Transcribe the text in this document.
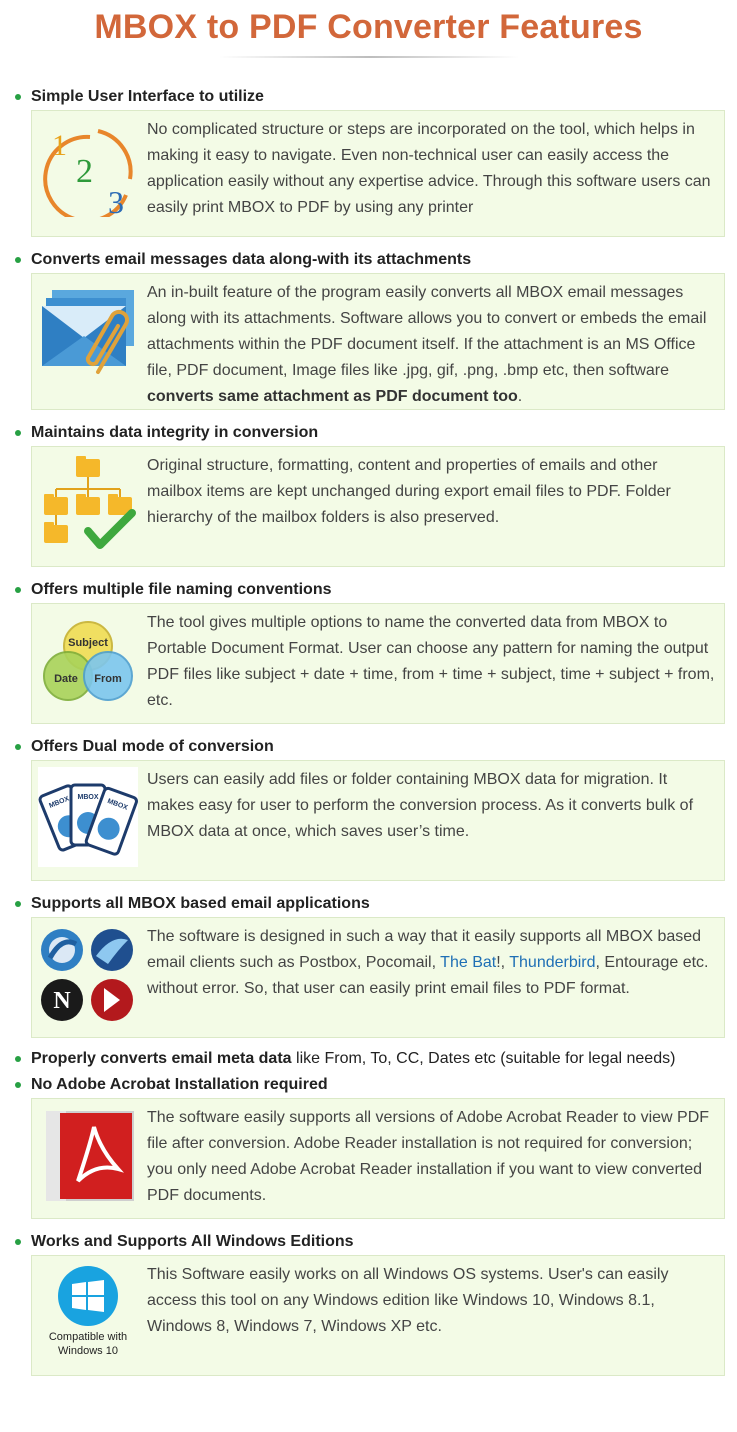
MBOX to PDF Converter Features
Simple User Interface to utilize
1
2
3
No complicated structure or steps are incorporated on the tool, which helps in making it easy to navigate. Even non-technical user can easily access the application easily without any expertise advice. Through this software users can easily print MBOX to PDF by using any printer
Converts email messages data along-with its attachments
An in-built feature of the program easily converts all MBOX email messages along with its attachments. Software allows you to convert or embeds the email attachments within the PDF document itself. If the attachment is an MS Office file, PDF document, Image files like .jpg, gif, .png, .bmp etc, then software converts same attachment as PDF document too.
Maintains data integrity in conversion
Original structure, formatting, content and properties of emails and other mailbox items are kept unchanged during export email files to PDF. Folder hierarchy of the mailbox folders is also preserved.
Offers multiple file naming conventions
Subject
Date From
The tool gives multiple options to name the converted data from MBOX to Portable Document Format. User can choose any pattern for naming the output PDF files like subject + date + time, from + time + subject, time + subject + from, etc.
Offers Dual mode of conversion
MBOX MBOX
MBOX
Users can easily add files or folder containing MBOX data for migration. It makes easy for user to perform the conversion process. As it converts bulk of MBOX data at once, which saves user’s time.
Supports all MBOX based email applications
N
The software is designed in such a way that it easily supports all MBOX based email clients such as Postbox, Pocomail, The Bat!, Thunderbird, Entourage etc. without error. So, that user can easily print email files to PDF format.
Properly converts email meta data like From, To, CC, Dates etc (suitable for legal needs)
No Adobe Acrobat Installation required
The software easily supports all versions of Adobe Acrobat Reader to view PDF file after conversion. Adobe Reader installation is not required for conversion; you only need Adobe Acrobat Reader installation if you want to view converted PDF documents.
Works and Supports All Windows Editions
Compatible with Windows 10
This Software easily works on all Windows OS systems. User's can easily access this tool on any Windows edition like Windows 10, Windows 8.1, Windows 8, Windows 7, Windows XP etc.
